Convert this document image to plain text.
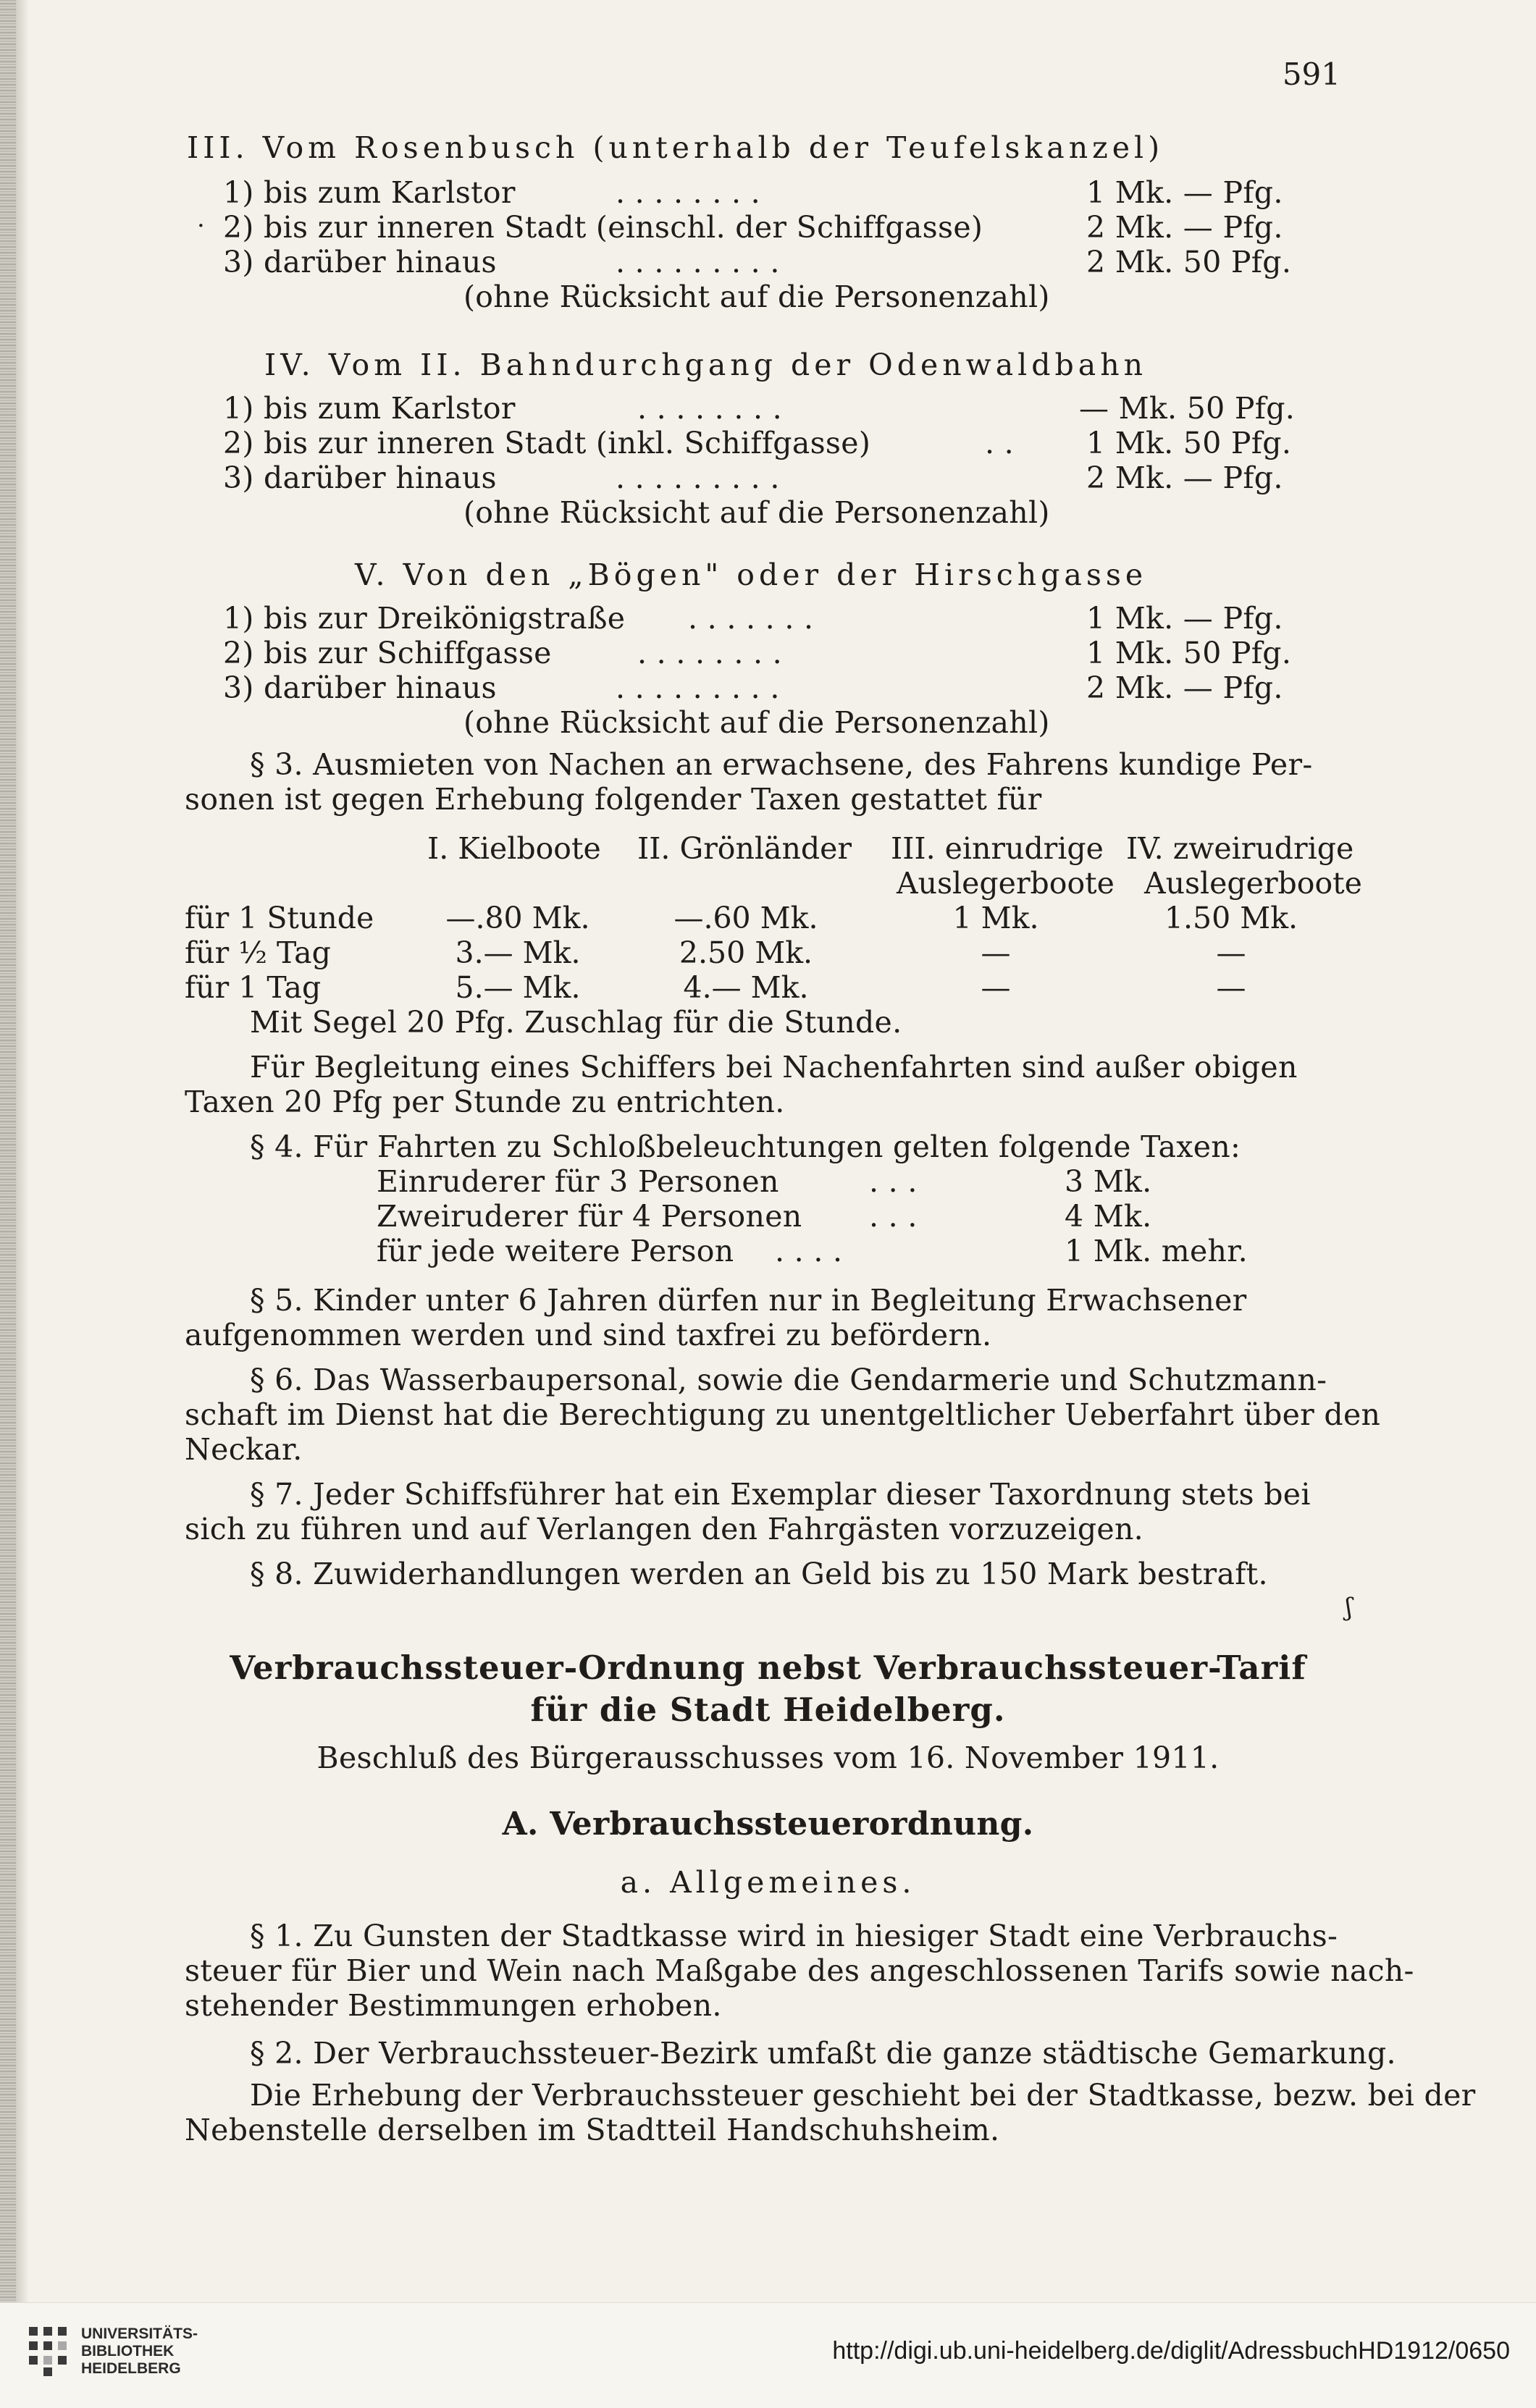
591
III. Vom Rosenbusch (unterhalb der Teufelskanzel)
1) bis zum Karlstor	. . . . . . . .	1 Mk. — Pfg.
· 2) bis zur inneren Stadt (einschl. der Schiffgasse)	2 Mk. — Pfg.
3) darüber hinaus	. . . . . . . . .	2 Mk. 50 Pfg.
(ohne Rücksicht auf die Personenzahl)
IV. Vom II. Bahndurchgang der Odenwaldbahn
1) bis zum Karlstor	. . . . . . . .	— Mk. 50 Pfg.
2) bis zur inneren Stadt (inkl. Schiffgasse)	. . 1 Mk. 50 Pfg.
3) darüber hinaus	. . . . . . . . .	2 Mk. — Pfg.
(ohne Rücksicht auf die Personenzahl)
V. Von den „Bögen" oder der Hirschgasse
1) bis zur Dreikönigstraße . . . . . . .	1 Mk. — Pfg.
2) bis zur Schiffgasse	. . . . . . . .	1 Mk. 50 Pfg.
3) darüber hinaus	. . . . . . . . .	2 Mk. — Pfg.
(ohne Rücksicht auf die Personenzahl)
§ 3. Ausmieten von Nachen an erwachsene, des Fahrens kundige Per-
sonen ist gegen Erhebung folgender Taxen gestattet für
I. Kielboote II. Grönländer III. einrudrige IV. zweirudrige
Auslegerboote Auslegerboote
für 1 Stunde	—.80 Mk.	—.60 Mk.	1 Mk.	1.50 Mk.
für ½ Tag	3.— Mk.	2.50 Mk.	—	—
für 1 Tag	5.— Mk.	4.— Mk.	—	—
Mit Segel 20 Pfg. Zuschlag für die Stunde.
Für Begleitung eines Schiffers bei Nachenfahrten sind außer obigen
Taxen 20 Pfg per Stunde zu entrichten.
§ 4. Für Fahrten zu Schloßbeleuchtungen gelten folgende Taxen:
Einruderer für 3 Personen	. . .	3 Mk.
Zweiruderer für 4 Personen . . .	4 Mk.
für jede weitere Person . . . .	1 Mk. mehr.
§ 5. Kinder unter 6 Jahren dürfen nur in Begleitung Erwachsener
aufgenommen werden und sind taxfrei zu befördern.
§ 6. Das Wasserbaupersonal, sowie die Gendarmerie und Schutzmann-
schaft im Dienst hat die Berechtigung zu unentgeltlicher Ueberfahrt über den
Neckar.
§ 7. Jeder Schiffsführer hat ein Exemplar dieser Taxordnung stets bei
sich zu führen und auf Verlangen den Fahrgästen vorzuzeigen.
§ 8. Zuwiderhandlungen werden an Geld bis zu 150 Mark bestraft.
ʃ
Verbrauchssteuer-Ordnung nebst Verbrauchssteuer-Tarif
für die Stadt Heidelberg.
Beschluß des Bürgerausschusses vom 16. November 1911.
A. Verbrauchssteuerordnung.
a. Allgemeines.
§ 1. Zu Gunsten der Stadtkasse wird in hiesiger Stadt eine Verbrauchs-
steuer für Bier und Wein nach Maßgabe des angeschlossenen Tarifs sowie nach-
stehender Bestimmungen erhoben.
§ 2. Der Verbrauchssteuer-Bezirk umfaßt die ganze städtische Gemarkung.
Die Erhebung der Verbrauchssteuer geschieht bei der Stadtkasse, bezw. bei der
Nebenstelle derselben im Stadtteil Handschuhsheim.
UNIVERSITÄTS-
BIBLIOTHEK
HEIDELBERG
http://digi.ub.uni-heidelberg.de/diglit/AdressbuchHD1912/0650
